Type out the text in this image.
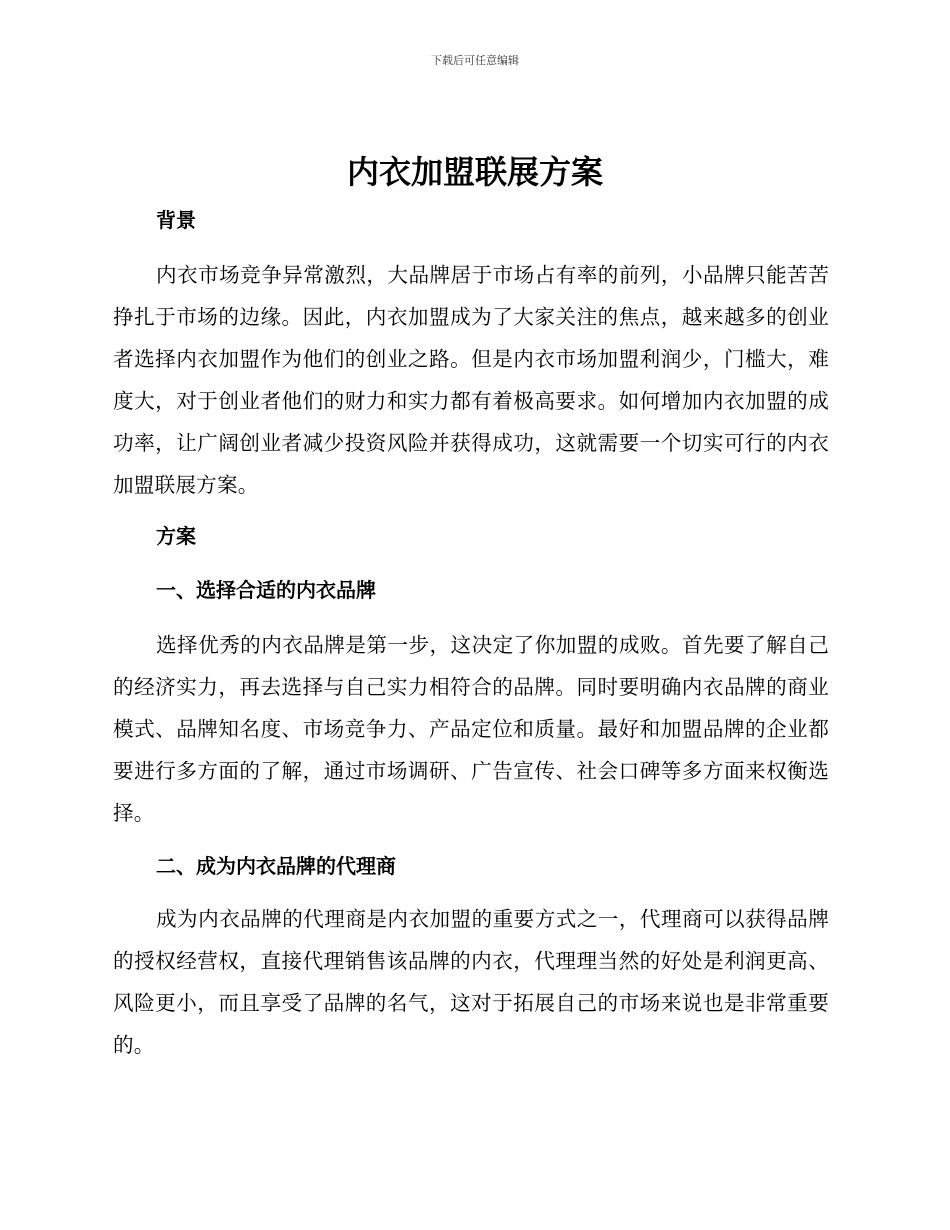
下载后可任意编辑
内衣加盟联展方案
背景

内衣市场竞争异常激烈，大品牌居于市场占有率的前列，小品牌只能苦苦挣扎于市场的边缘。因此，内衣加盟成为了大家关注的焦点，越来越多的创业者选择内衣加盟作为他们的创业之路。但是内衣市场加盟利润少，门槛大，难度大，对于创业者他们的财力和实力都有着极高要求。如何增加内衣加盟的成功率，让广阔创业者减少投资风险并获得成功，这就需要一个切实可行的内衣加盟联展方案。

方案
一、选择合适的内衣品牌

选择优秀的内衣品牌是第一步，这决定了你加盟的成败。首先要了解自己的经济实力，再去选择与自己实力相符合的品牌。同时要明确内衣品牌的商业模式、品牌知名度、市场竞争力、产品定位和质量。最好和加盟品牌的企业都要进行多方面的了解，通过市场调研、广告宣传、社会口碑等多方面来权衡选择。

二、成为内衣品牌的代理商

成为内衣品牌的代理商是内衣加盟的重要方式之一，代理商可以获得品牌的授权经营权，直接代理销售该品牌的内衣，代理理当然的好处是利润更高、风险更小，而且享受了品牌的名气，这对于拓展自己的市场来说也是非常重要的。
